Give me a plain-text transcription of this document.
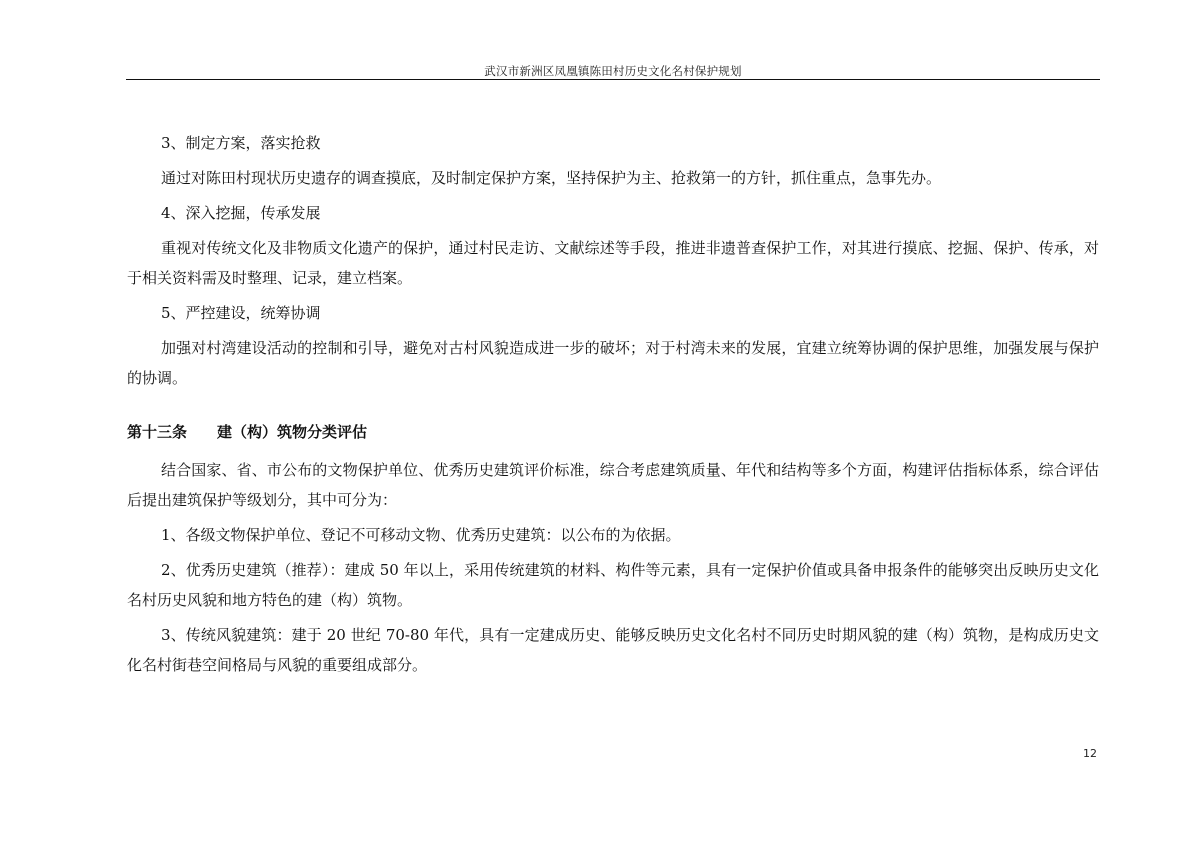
武汉市新洲区凤凰镇陈田村历史文化名村保护规划

3、制定方案，落实抢救

通过对陈田村现状历史遗存的调查摸底，及时制定保护方案，坚持保护为主、抢救第一的方针，抓住重点，急事先办。

4、深入挖掘，传承发展

重视对传统文化及非物质文化遗产的保护，通过村民走访、文献综述等手段，推进非遗普查保护工作，对其进行摸底、挖掘、保护、传承，对于相关资料需及时整理、记录，建立档案。

5、严控建设，统筹协调

加强对村湾建设活动的控制和引导，避免对古村风貌造成进一步的破坏；对于村湾未来的发展，宜建立统筹协调的保护思维，加强发展与保护的协调。

第十三条 建（构）筑物分类评估

结合国家、省、市公布的文物保护单位、优秀历史建筑评价标准，综合考虑建筑质量、年代和结构等多个方面，构建评估指标体系，综合评估后提出建筑保护等级划分，其中可分为：

1、各级文物保护单位、登记不可移动文物、优秀历史建筑：以公布的为依据。

2、优秀历史建筑（推荐）：建成 50 年以上，采用传统建筑的材料、构件等元素，具有一定保护价值或具备申报条件的能够突出反映历史文化名村历史风貌和地方特色的建（构）筑物。

3、传统风貌建筑：建于 20 世纪 70-80 年代，具有一定建成历史、能够反映历史文化名村不同历史时期风貌的建（构）筑物，是构成历史文化名村街巷空间格局与风貌的重要组成部分。

12
